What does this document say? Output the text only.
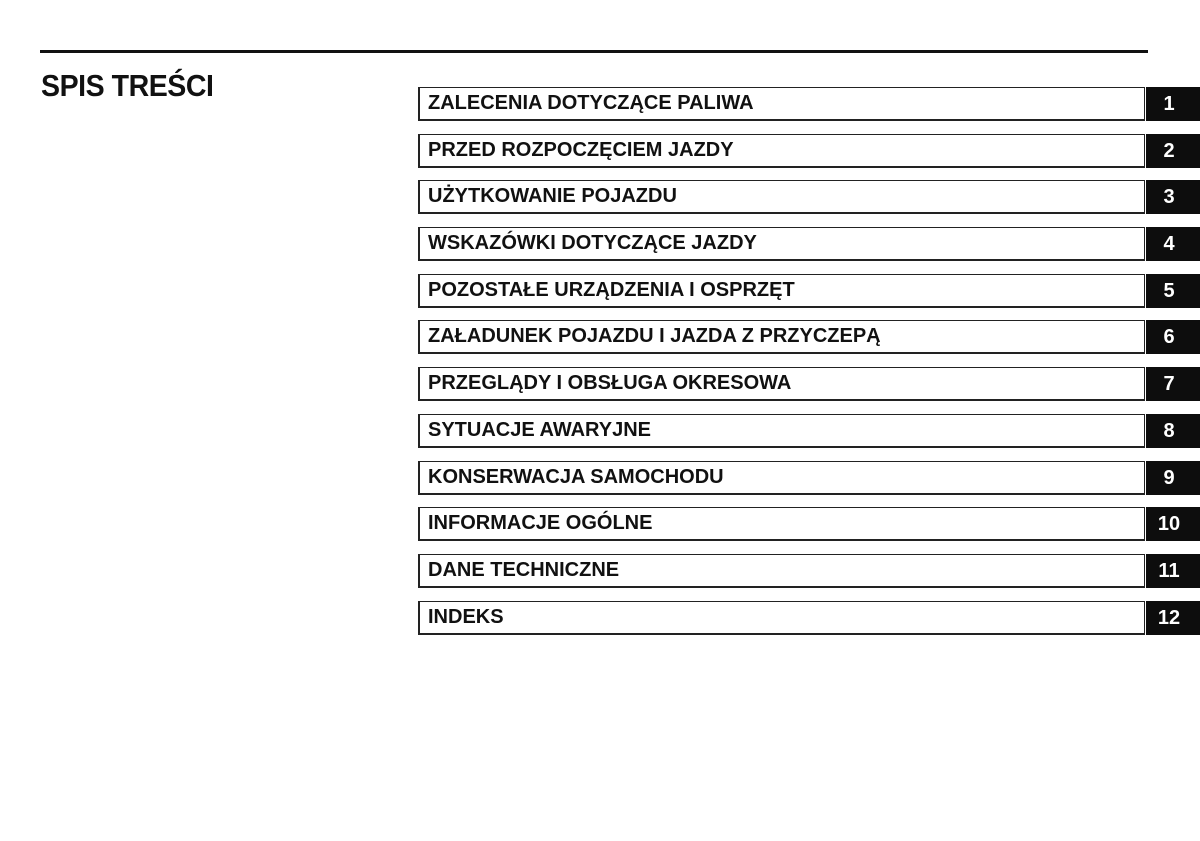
SPIS TREŚCI	ZALECENIA DOTYCZĄCE PALIWA	1
PRZED ROZPOCZĘCIEM JAZDY	2
UŻYTKOWANIE POJAZDU	3
WSKAZÓWKI DOTYCZĄCE JAZDY	4
POZOSTAŁE URZĄDZENIA I OSPRZĘT	5
ZAŁADUNEK POJAZDU I JAZDA Z PRZYCZEPĄ	6
PRZEGLĄDY I OBSŁUGA OKRESOWA	7
SYTUACJE AWARYJNE	8
KONSERWACJA SAMOCHODU	9
INFORMACJE OGÓLNE	10
DANE TECHNICZNE	11
INDEKS	12
